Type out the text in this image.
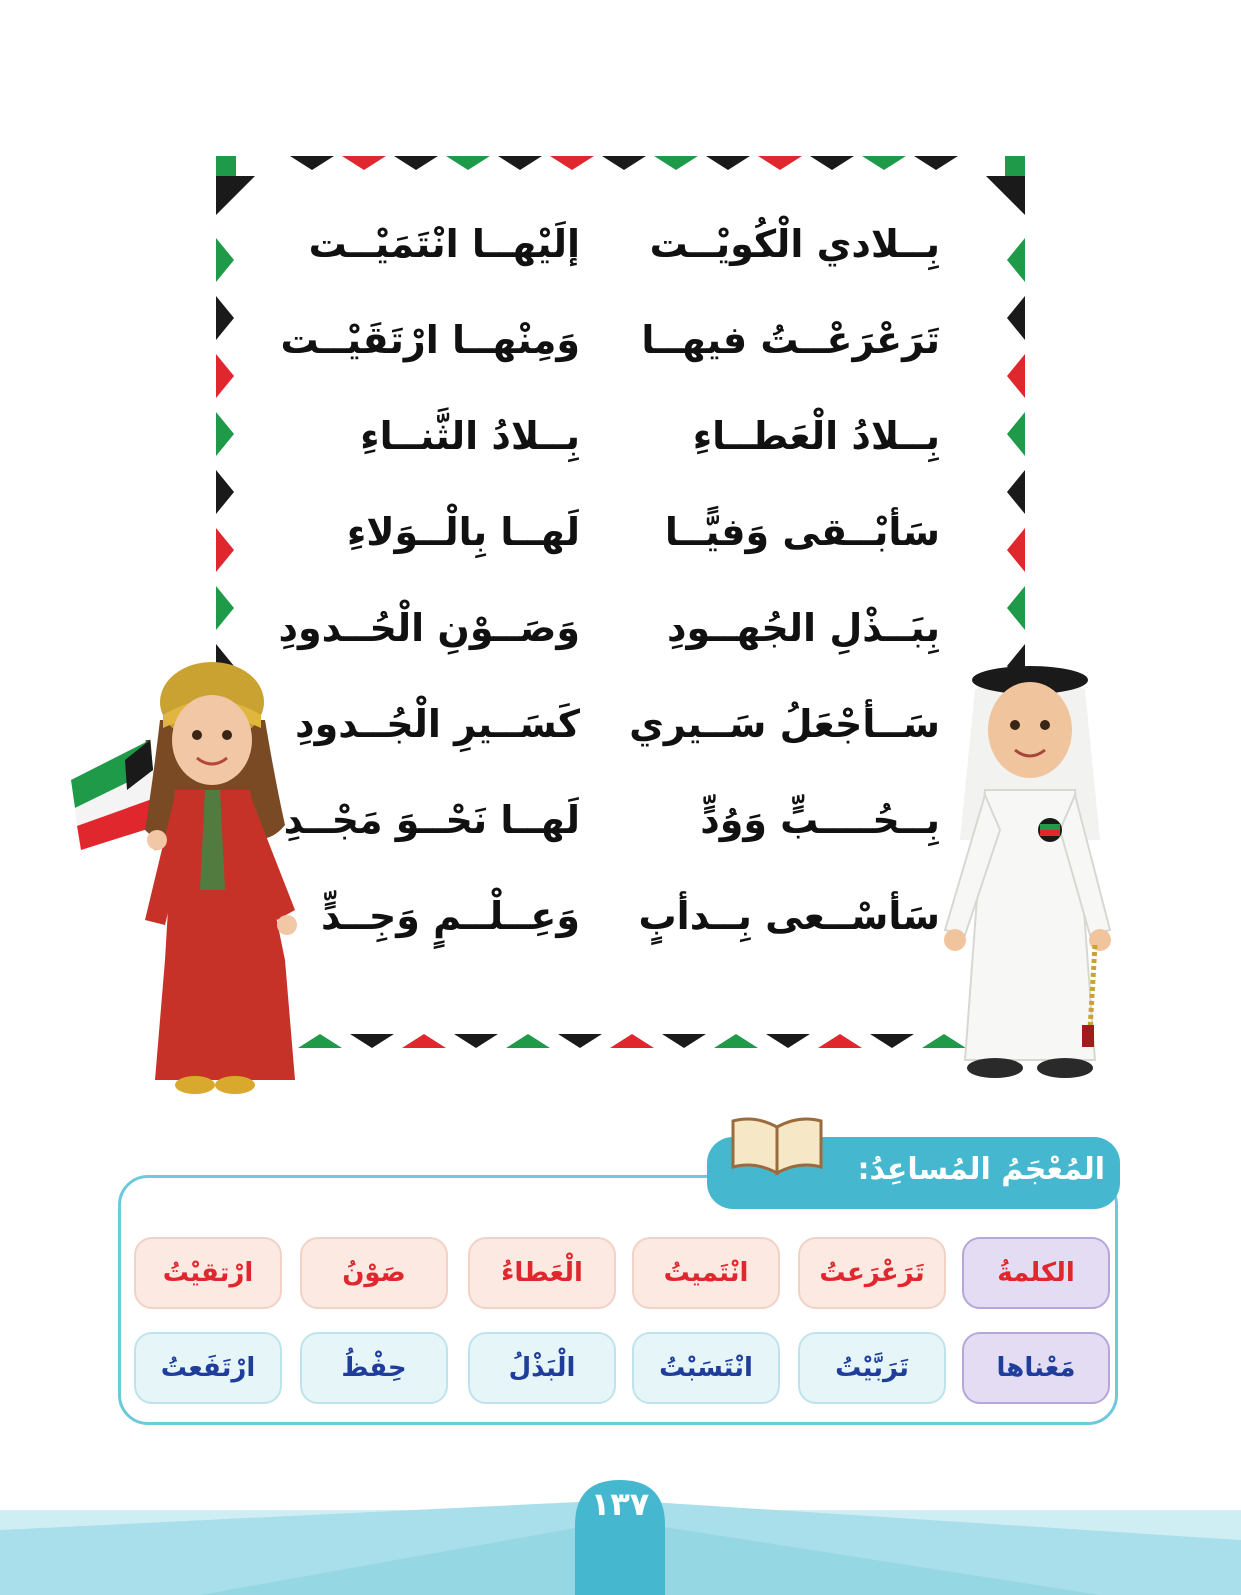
بِــلادي الْكُويْــت
إلَيْهــا انْتَمَيْــت
تَرَعْرَعْــتُ فيهــا
وَمِنْهــا ارْتَقَيْــت
بِــلادُ الْعَطــاءِ
بِــلادُ الثَّنــاءِ
سَأبْــقى وَفيًّــا
لَهــا بِالْــوَلاءِ
بِبَــذْلِ الجُهــودِ
وَصَــوْنِ الْحُــدودِ
سَــأجْعَلُ سَــيري
كَسَــيرِ الْجُــدودِ
بِــحُــــبٍّ وَوُدٍّ
لَهــا نَحْــوَ مَجْــدِ
سَأسْــعى بِــدأبٍ
وَعِــلْــمٍ وَجِــدٍّ
المُعْجَمُ المُساعِدُ:
الكلمةُ
تَرَعْرَعتُ
انْتَميتُ
الْعَطاءُ
صَوْنُ
ارْتقيْتُ
مَعْناها
تَرَبَّيْتُ
انْتَسَبْتُ
الْبَذْلُ
حِفْظُ
ارْتَفَعتُ
١٣٧
